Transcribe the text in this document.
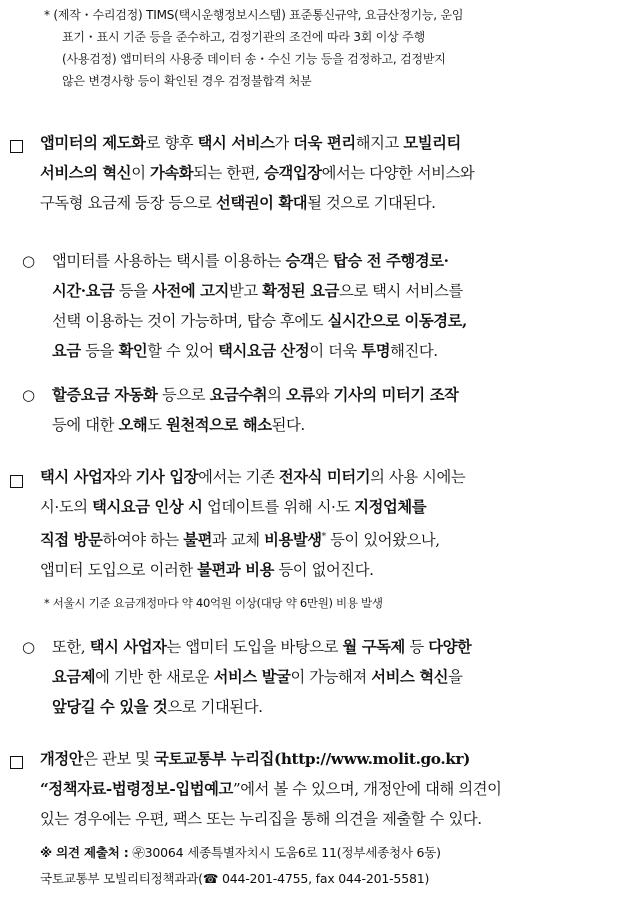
* (제작・수리검정) TIMS(택시운행정보시스템) 표준통신규약, 요금산정기능, 운임
표기・표시 기준 등을 준수하고, 검정기관의 조건에 따라 3회 이상 주행
(사용검정) 앱미터의 사용중 데이터 송・수신 기능 등을 검정하고, 검정받지
않은 변경사항 등이 확인된 경우 검정불합격 처분
앱미터의 제도화로 향후 택시 서비스가 더욱 편리해지고 모빌리티
서비스의 혁신이 가속화되는 한편, 승객입장에서는 다양한 서비스와
구독형 요금제 등장 등으로 선택권이 확대될 것으로 기대된다.
○ 앱미터를 사용하는 택시를 이용하는 승객은 탑승 전 주행경로·
시간·요금 등을 사전에 고지받고 확정된 요금으로 택시 서비스를
선택 이용하는 것이 가능하며, 탑승 후에도 실시간으로 이동경로,
요금 등을 확인할 수 있어 택시요금 산정이 더욱 투명해진다.
○ 할증요금 자동화 등으로 요금수취의 오류와 기사의 미터기 조작
등에 대한 오해도 원천적으로 해소된다.
택시 사업자와 기사 입장에서는 기존 전자식 미터기의 사용 시에는
시·도의 택시요금 인상 시 업데이트를 위해 시·도 지정업체를
직접 방문하여야 하는 불편과 교체 비용발생* 등이 있어왔으나,
앱미터 도입으로 이러한 불편과 비용 등이 없어진다.
* 서울시 기준 요금개정마다 약 40억원 이상(대당 약 6만원) 비용 발생
○ 또한, 택시 사업자는 앱미터 도입을 바탕으로 월 구독제 등 다양한
요금제에 기반 한 새로운 서비스 발굴이 가능해져 서비스 혁신을
앞당길 수 있을 것으로 기대된다.
개정안은 관보 및 국토교통부 누리집(http://www.molit.go.kr)
“정책자료-법령정보-입법예고”에서 볼 수 있으며, 개정안에 대해 의견이
있는 경우에는 우편, 팩스 또는 누리집을 통해 의견을 제출할 수 있다.
※ 의견 제출처 : ㉾30064 세종특별자치시 도움6로 11(정부세종청사 6동)
국토교통부 모빌리티정책과과(☎ 044-201-4755, fax 044-201-5581)
